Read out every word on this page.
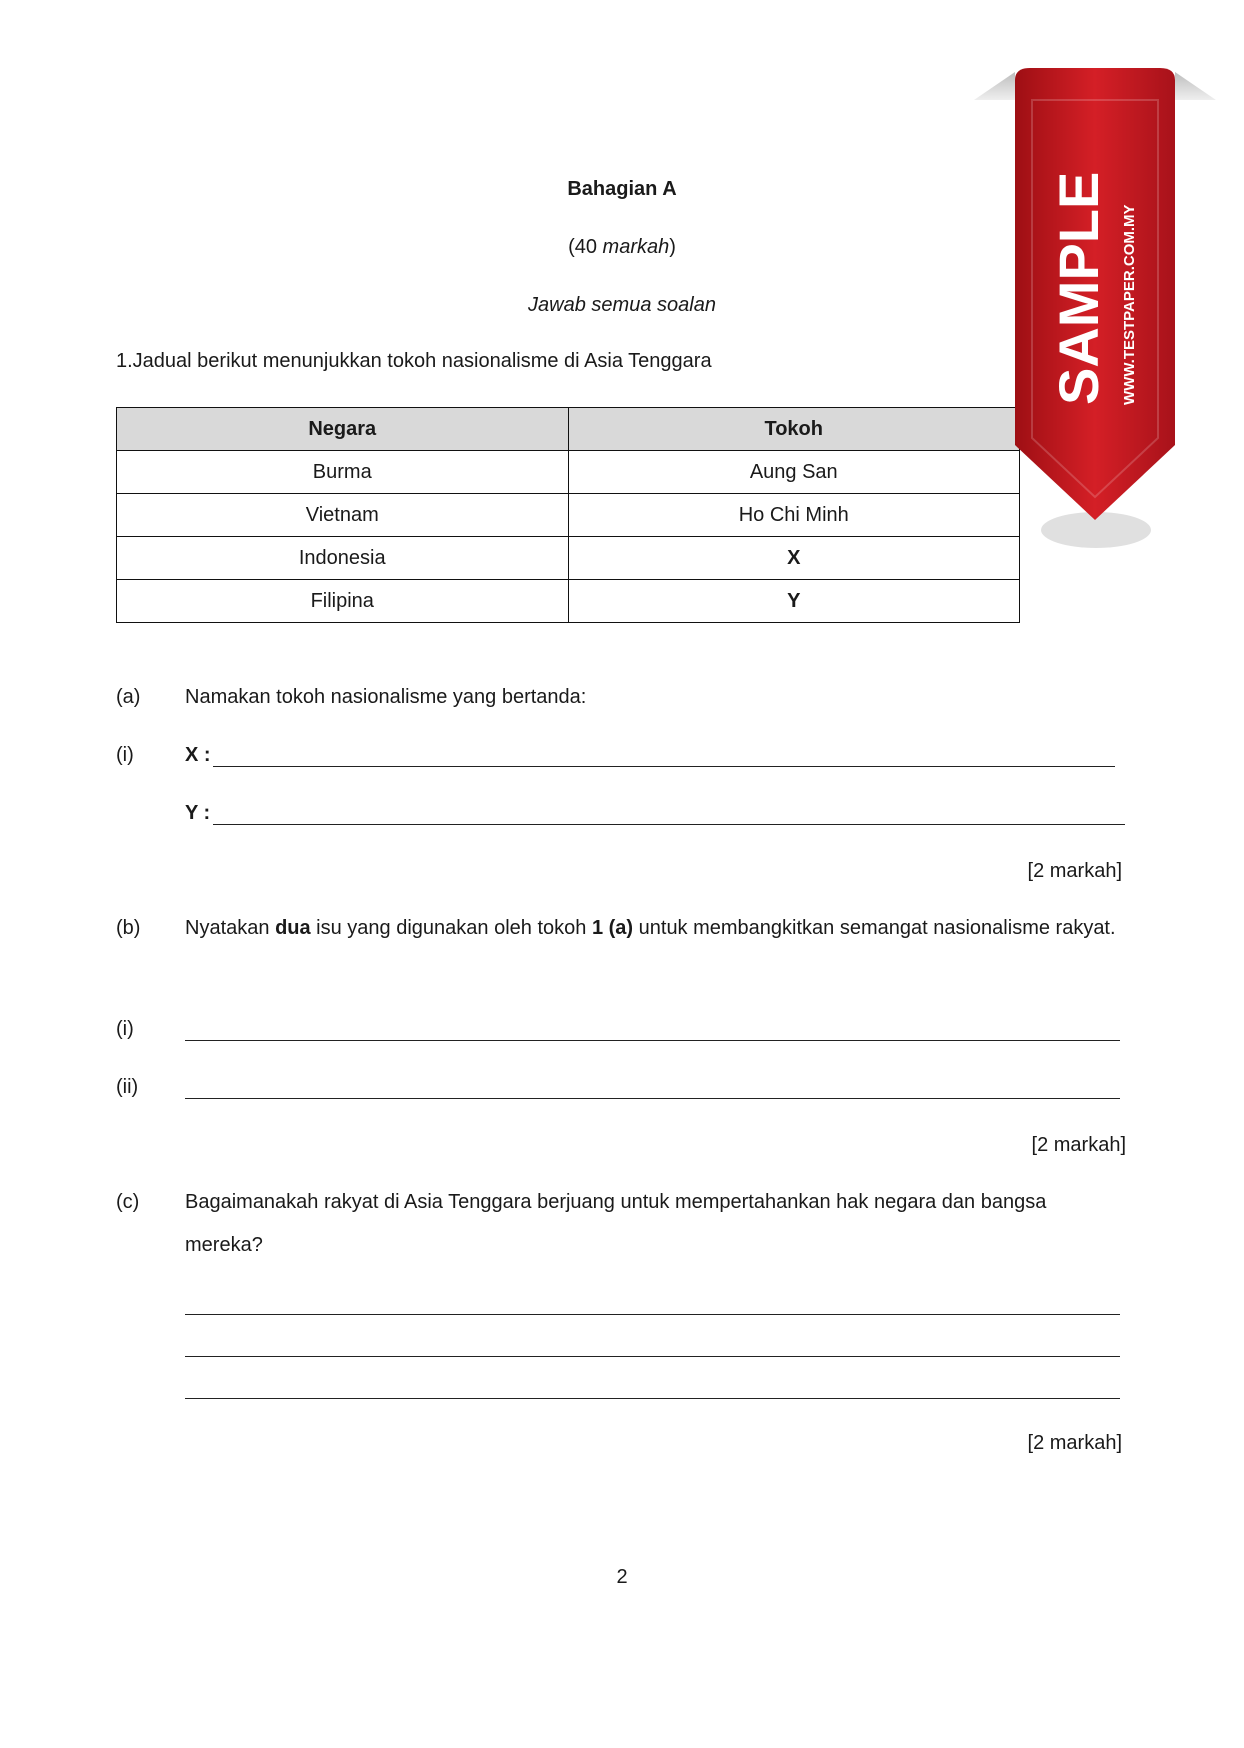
Bahagian A
(40 markah)
Jawab semua soalan
1.Jadual berikut menunjukkan tokoh nasionalisme di Asia Tenggara
Negara	Tokoh
Burma	Aung San
Vietnam	Ho Chi Minh
Indonesia	X
Filipina	Y
(a) Namakan tokoh nasionalisme yang bertanda:
(i)	X :
Y :
[2 markah]
(b) Nyatakan dua isu yang digunakan oleh tokoh 1 (a) untuk membangkitkan semangat nasionalisme rakyat.
(i)
(ii)
[2 markah]
(c) Bagaimanakah rakyat di Asia Tenggara berjuang untuk mempertahankan hak negara dan bangsa mereka?
[2 markah]
2
SAMPLE WWW.TESTPAPER.COM.MY
